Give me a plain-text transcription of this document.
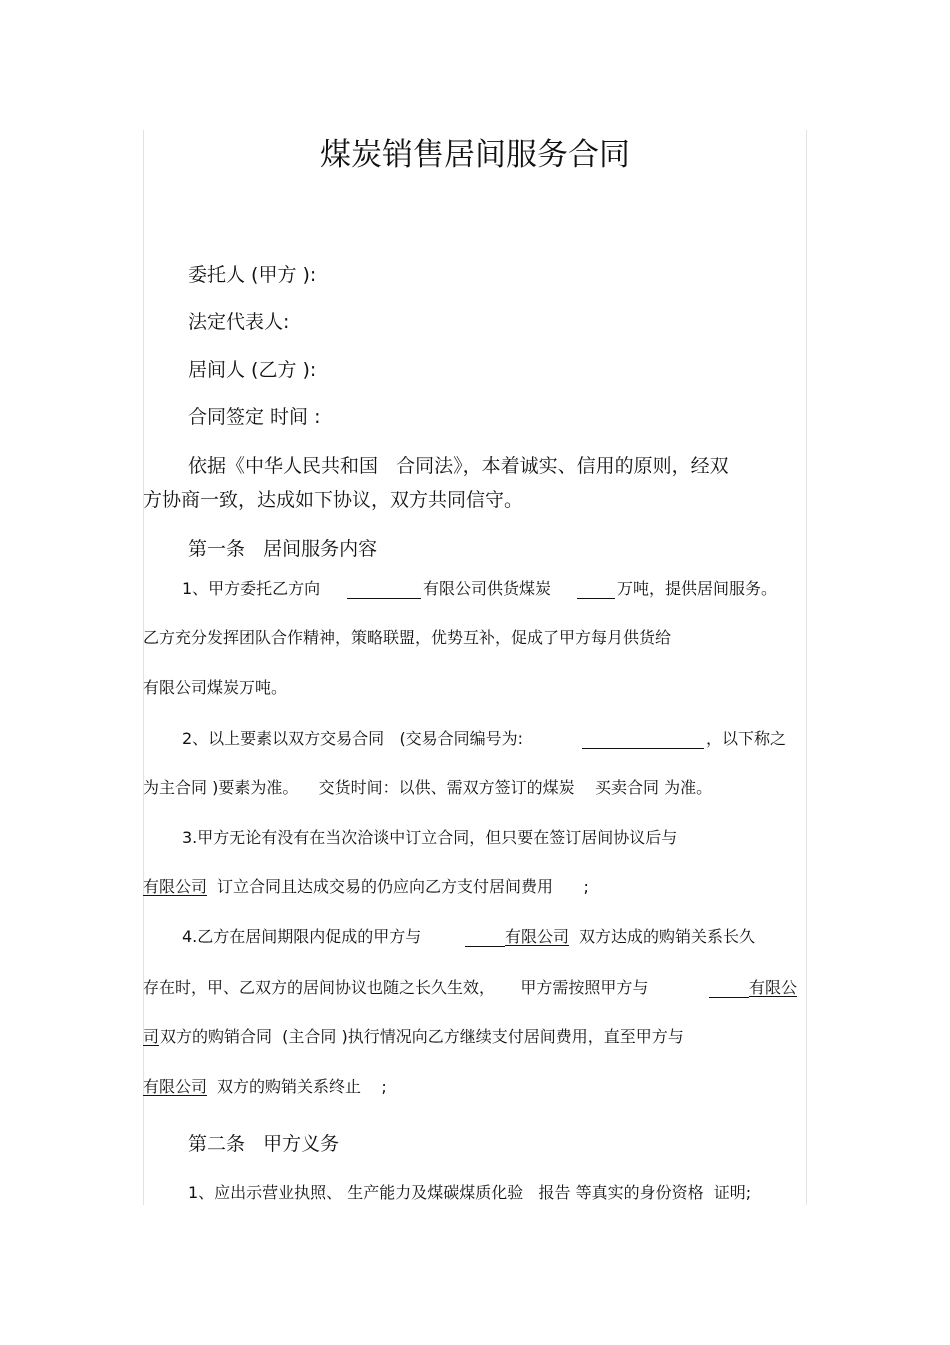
煤炭销售居间服务合同
委托人 (甲方 ):
法定代表人:
居间人 (乙方 ):
合同签定 时间 :
依据《中华人民共和国   合同法》，本着诚实、信用的原则，经双
方协商一致，达成如下协议，双方共同信守。
第一条   居间服务内容
1、甲方委托乙方向	有限公司供货煤炭	万吨，提供居间服务。
乙方充分发挥团队合作精神，策略联盟，优势互补，促成了甲方每月供货给
有限公司煤炭万吨。
2、以上要素以双方交易合同   (交易合同编号为:	，以下称之
为主合同 )要素为准。    交货时间：以供、需双方签订的煤炭    买卖合同 为准。
3.甲方无论有没有在当次洽谈中订立合同，但只要在签订居间协议后与
有限公司 订立合同且达成交易的仍应向乙方支付居间费用      ;
4.乙方在居间期限内促成的甲方与	有限公司 双方达成的购销关系长久
存在时，甲、乙双方的居间协议也随之长久生效，     甲方需按照甲方与	有限公
司 双方的购销合同  (主合同 )执行情况向乙方继续支付居间费用，直至甲方与
有限公司 双方的购销关系终止    ;
第二条   甲方义务
1、应出示营业执照、 生产能力及煤碳煤质化验   报告 等真实的身份资格  证明;
